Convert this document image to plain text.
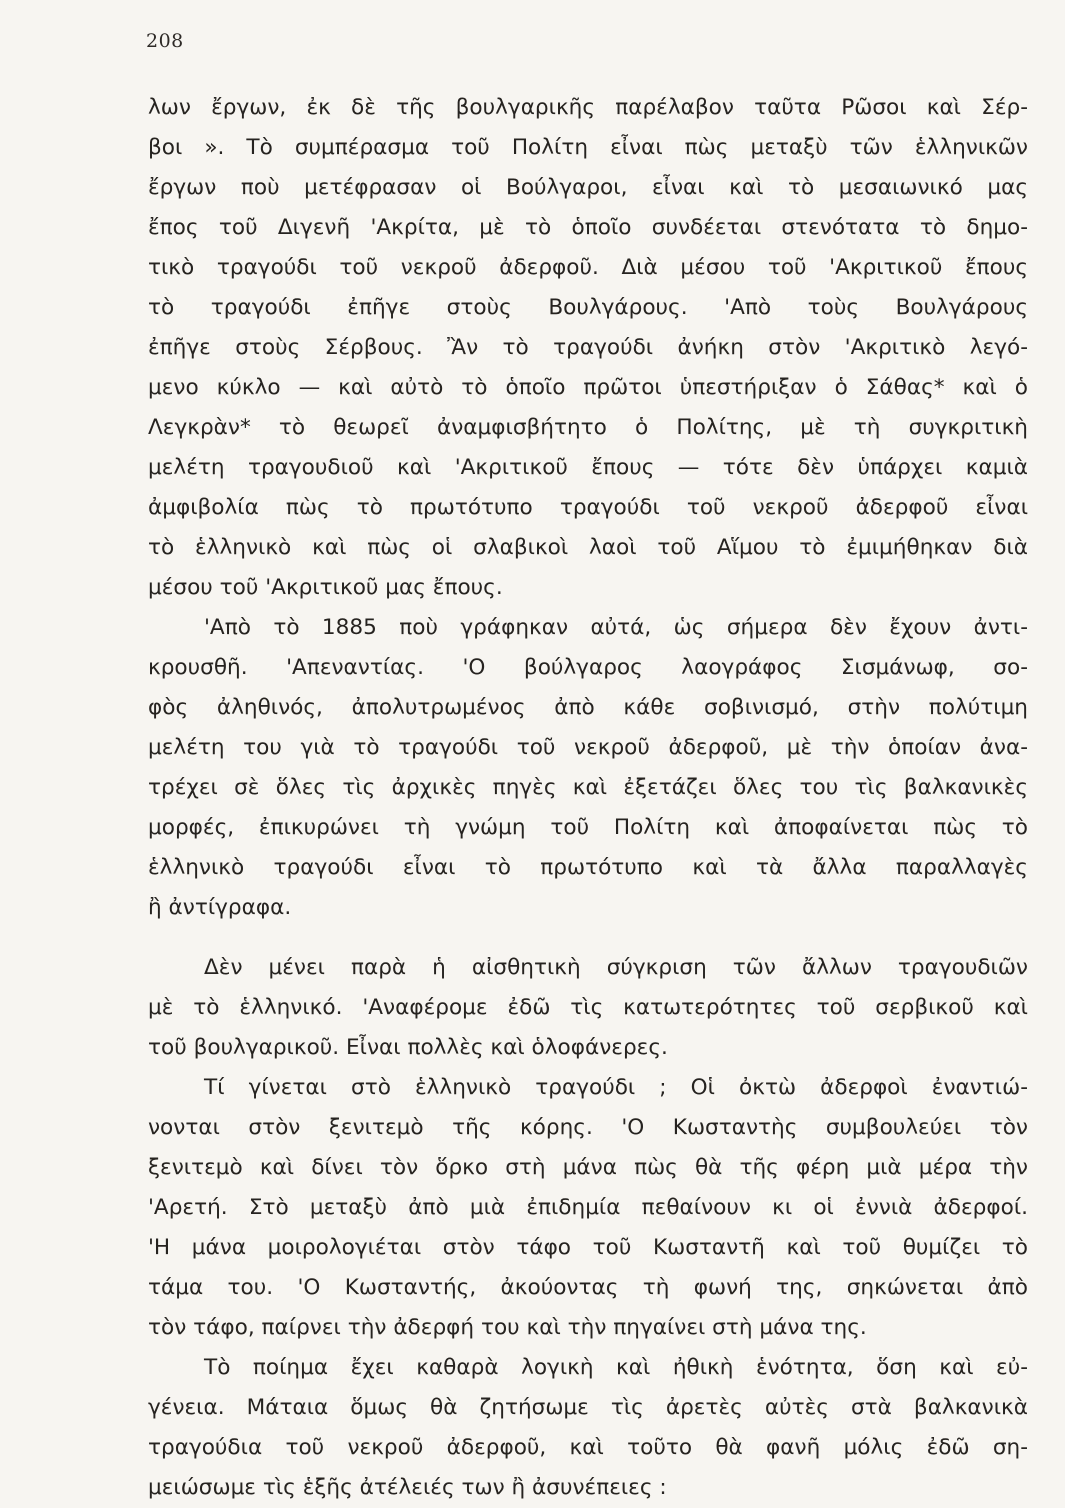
208
λων ἔργων, ἐκ δὲ τῆς βουλγαρικῆς παρέλαβον ταῦτα Ρῶσοι καὶ Σέρ-
βοι ». Τὸ συμπέρασμα τοῦ Πολίτη εἶναι πὼς μεταξὺ τῶν ἑλληνικῶν
ἔργων ποὺ μετέφρασαν οἱ Βούλγαροι, εἶναι καὶ τὸ μεσαιωνικό μας
ἔπος τοῦ Διγενῆ 'Ακρίτα, μὲ τὸ ὁποῖο συνδέεται στενότατα τὸ δημο-
τικὸ τραγούδι τοῦ νεκροῦ ἀδερφοῦ. Διὰ μέσου τοῦ 'Ακριτικοῦ ἔπους
τὸ τραγούδι ἐπῆγε στοὺς Βουλγάρους. 'Απὸ τοὺς Βουλγάρους
ἐπῆγε στοὺς Σέρβους. Ἂν τὸ τραγούδι ἀνήκη στὸν 'Ακριτικὸ λεγό-
μενο κύκλο — καὶ αὐτὸ τὸ ὁποῖο πρῶτοι ὑπεστήριξαν ὁ Σάθας* καὶ ὁ
Λεγκρὰν* τὸ θεωρεῖ ἀναμφισβήτητο ὁ Πολίτης, μὲ τὴ συγκριτικὴ
μελέτη τραγουδιοῦ καὶ 'Ακριτικοῦ ἔπους — τότε δὲν ὑπάρχει καμιὰ
ἀμφιβολία πὼς τὸ πρωτότυπο τραγούδι τοῦ νεκροῦ ἀδερφοῦ εἶναι
τὸ ἑλληνικὸ καὶ πὼς οἱ σλαβικοὶ λαοὶ τοῦ Αἵμου τὸ ἐμιμήθηκαν διὰ
μέσου τοῦ 'Ακριτικοῦ μας ἔπους.
'Απὸ τὸ 1885 ποὺ γράφηκαν αὐτά, ὡς σήμερα δὲν ἔχουν ἀντι-
κρουσθῆ. 'Απεναντίας. 'Ο βούλγαρος λαογράφος Σισμάνωφ, σο-
φὸς ἀληθινός, ἀπολυτρωμένος ἀπὸ κάθε σοβινισμό, στὴν πολύτιμη
μελέτη του γιὰ τὸ τραγούδι τοῦ νεκροῦ ἀδερφοῦ, μὲ τὴν ὁποίαν ἀνα-
τρέχει σὲ ὅλες τὶς ἀρχικὲς πηγὲς καὶ ἐξετάζει ὅλες του τὶς βαλκανικὲς
μορφές, ἐπικυρώνει τὴ γνώμη τοῦ Πολίτη καὶ ἀποφαίνεται πὼς τὸ
ἑλληνικὸ τραγούδι εἶναι τὸ πρωτότυπο καὶ τὰ ἄλλα παραλλαγὲς
ἢ ἀντίγραφα.
Δὲν μένει παρὰ ἡ αἰσθητικὴ σύγκριση τῶν ἄλλων τραγουδιῶν
μὲ τὸ ἑλληνικό. 'Αναφέρομε ἐδῶ τὶς κατωτερότητες τοῦ σερβικοῦ καὶ
τοῦ βουλγαρικοῦ. Εἶναι πολλὲς καὶ ὁλοφάνερες.
Τί γίνεται στὸ ἑλληνικὸ τραγούδι ; Οἱ ὀκτὼ ἀδερφοὶ ἐναντιώ-
νονται στὸν ξενιτεμὸ τῆς κόρης. 'Ο Κωσταντὴς συμβουλεύει τὸν
ξενιτεμὸ καὶ δίνει τὸν ὅρκο στὴ μάνα πὼς θὰ τῆς φέρη μιὰ μέρα τὴν
'Αρετή. Στὸ μεταξὺ ἀπὸ μιὰ ἐπιδημία πεθαίνουν κι οἱ ἐννιὰ ἀδερφοί.
'Η μάνα μοιρολογιέται στὸν τάφο τοῦ Κωσταντῆ καὶ τοῦ θυμίζει τὸ
τάμα του. 'Ο Κωσταντής, ἀκούοντας τὴ φωνή της, σηκώνεται ἀπὸ
τὸν τάφο, παίρνει τὴν ἀδερφή του καὶ τὴν πηγαίνει στὴ μάνα της.
Τὸ ποίημα ἔχει καθαρὰ λογικὴ καὶ ἠθικὴ ἑνότητα, ὅση καὶ εὐ-
γένεια. Μάταια ὅμως θὰ ζητήσωμε τὶς ἀρετὲς αὐτὲς στὰ βαλκανικὰ
τραγούδια τοῦ νεκροῦ ἀδερφοῦ, καὶ τοῦτο θὰ φανῆ μόλις ἐδῶ ση-
μειώσωμε τὶς ἑξῆς ἀτέλειές των ἢ ἀσυνέπειες :
